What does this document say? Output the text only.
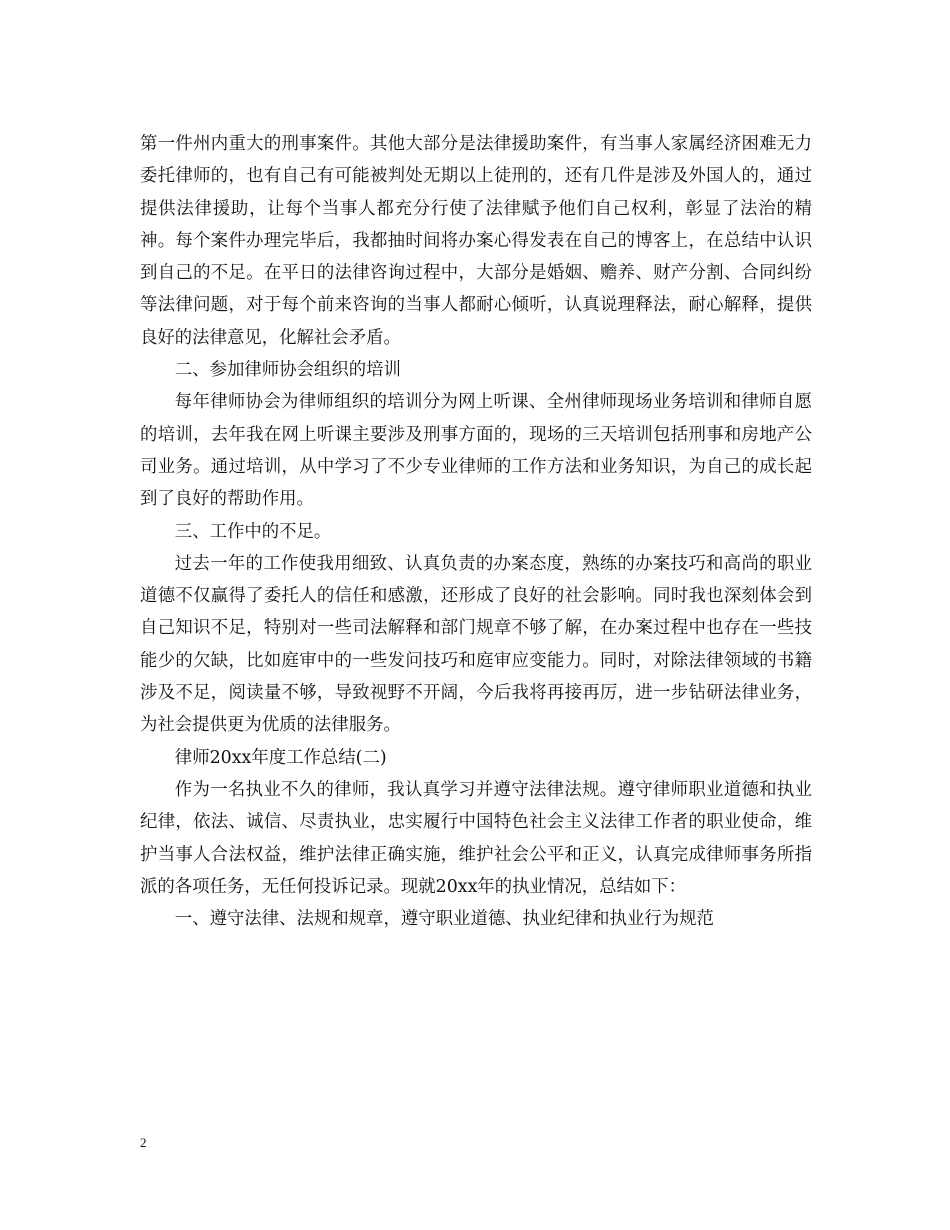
第一件州内重大的刑事案件。其他大部分是法律援助案件，有当事人家属经济困难无力委托律师的，也有自己有可能被判处无期以上徒刑的，还有几件是涉及外国人的，通过提供法律援助，让每个当事人都充分行使了法律赋予他们自己权利，彰显了法治的精神。每个案件办理完毕后，我都抽时间将办案心得发表在自己的博客上，在总结中认识到自己的不足。在平日的法律咨询过程中，大部分是婚姻、赡养、财产分割、合同纠纷等法律问题，对于每个前来咨询的当事人都耐心倾听，认真说理释法，耐心解释，提供良好的法律意见，化解社会矛盾。

二、参加律师协会组织的培训

每年律师协会为律师组织的培训分为网上听课、全州律师现场业务培训和律师自愿的培训，去年我在网上听课主要涉及刑事方面的，现场的三天培训包括刑事和房地产公司业务。通过培训，从中学习了不少专业律师的工作方法和业务知识，为自己的成长起到了良好的帮助作用。

三、工作中的不足。

过去一年的工作使我用细致、认真负责的办案态度，熟练的办案技巧和高尚的职业道德不仅赢得了委托人的信任和感激，还形成了良好的社会影响。同时我也深刻体会到自己知识不足，特别对一些司法解释和部门规章不够了解，在办案过程中也存在一些技能少的欠缺，比如庭审中的一些发问技巧和庭审应变能力。同时，对除法律领域的书籍涉及不足，阅读量不够，导致视野不开阔，今后我将再接再厉，进一步钻研法律业务，为社会提供更为优质的法律服务。

律师20xx年度工作总结(二)

作为一名执业不久的律师，我认真学习并遵守法律法规。遵守律师职业道德和执业纪律，依法、诚信、尽责执业，忠实履行中国特色社会主义法律工作者的职业使命，维护当事人合法权益，维护法律正确实施，维护社会公平和正义，认真完成律师事务所指派的各项任务，无任何投诉记录。现就20xx年的执业情况，总结如下：

一、遵守法律、法规和规章，遵守职业道德、执业纪律和执业行为规范

2
